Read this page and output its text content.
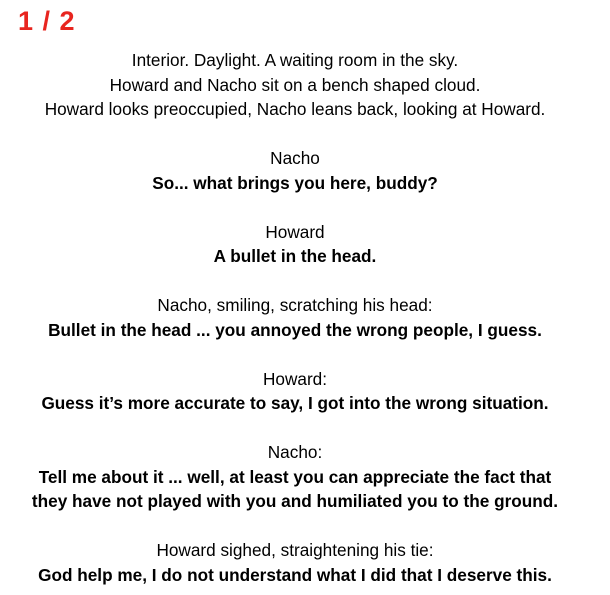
1 / 2
Interior. Daylight. A waiting room in the sky.
Howard and Nacho sit on a bench shaped cloud.
Howard looks preoccupied, Nacho leans back, looking at Howard.
Nacho
So... what brings you here, buddy?
Howard
A bullet in the head.
Nacho, smiling, scratching his head:
Bullet in the head ... you annoyed the wrong people, I guess.
Howard:
Guess it’s more accurate to say, I got into the wrong situation.
Nacho:
Tell me about it ... well, at least you can appreciate the fact that
they have not played with you and humiliated you to the ground.
Howard sighed, straightening his tie:
God help me, I do not understand what I did that I deserve this.
